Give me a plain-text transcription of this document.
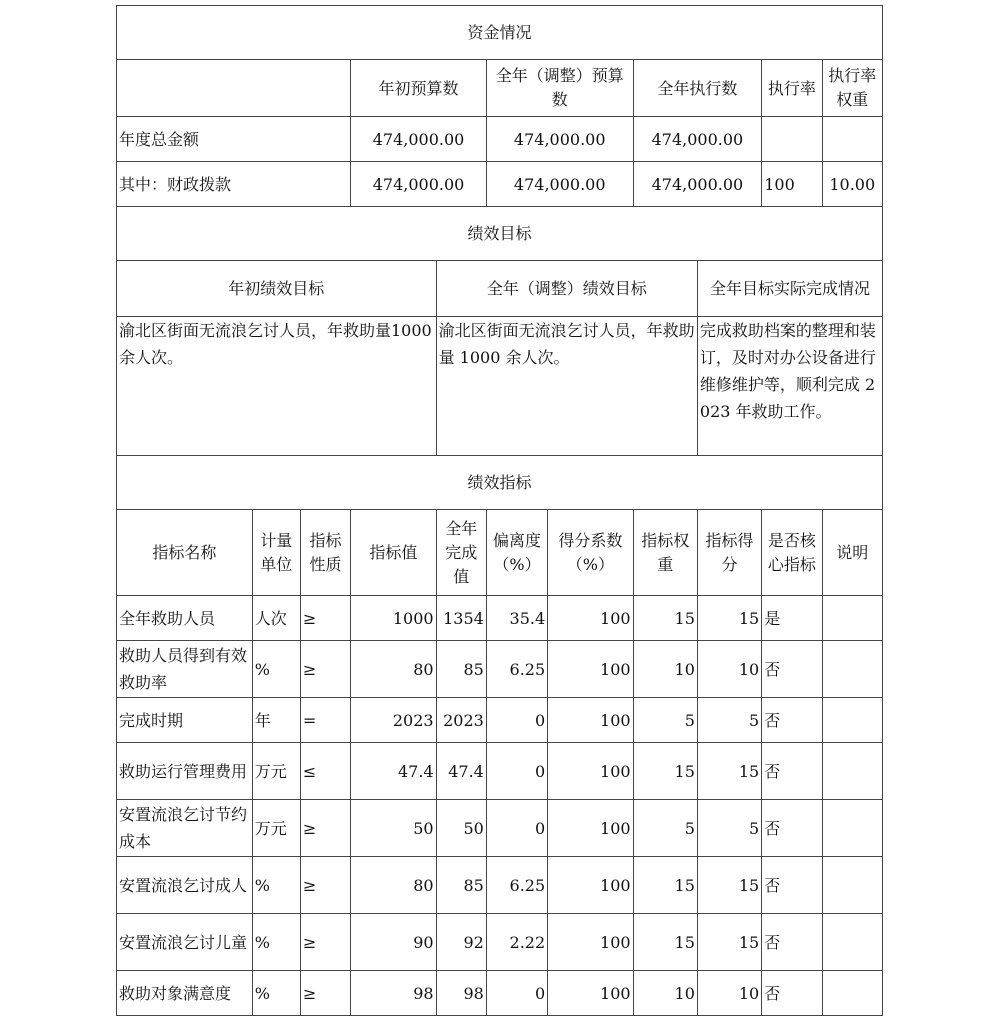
资金情况										
			年初预算数		全年（调整）预算数		全年执行数		执行率	执行率权重
年度总金额			474,000.00		474,000.00		474,000.00			
其中：财政拨款			474,000.00		474,000.00		474,000.00		100	10.00
绩效目标										
年初绩效目标				全年（调整）绩效目标				全年目标实际完成情况		
渝北区街面无流浪乞讨人员，年救助量1000余人次。				渝北区街面无流浪乞讨人员，年救助量 1000 余人次。				完成救助档案的整理和装订，及时对办公设备进行维修维护等，顺利完成 2023 年救助工作。		
绩效指标										
指标名称	计量单位	指标性质	指标值	全年完成值	偏离度（%）	得分系数（%）	指标权重	指标得分	是否核心指标	说明
全年救助人员	人次	≥	1000	1354	35.4	100	15	15	是	
救助人员得到有效救助率	%	≥	80	85	6.25	100	10	10	否	
完成时期	年	=	2023	2023	0	100	5	5	否	
救助运行管理费用	万元	≤	47.4	47.4	0	100	15	15	否	
安置流浪乞讨节约成本	万元	≥	50	50	0	100	5	5	否	
安置流浪乞讨成人	%	≥	80	85	6.25	100	15	15	否	
安置流浪乞讨儿童	%	≥	90	92	2.22	100	15	15	否	
救助对象满意度	%	≥	98	98	0	100	10	10	否	
